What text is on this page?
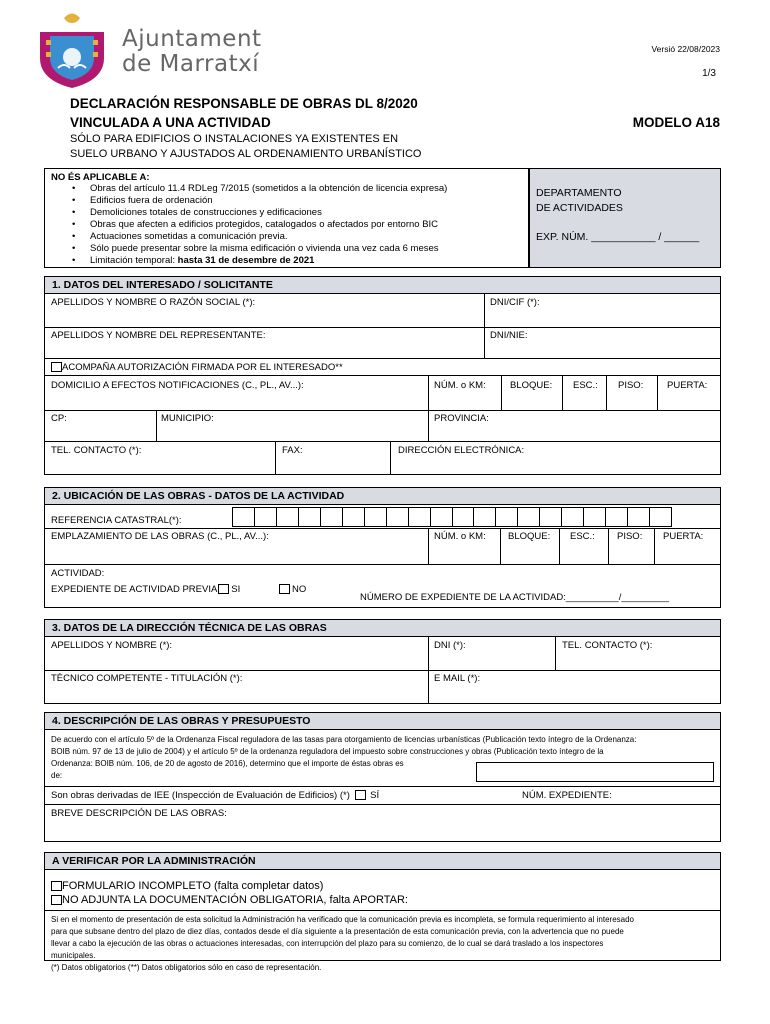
Ajuntament
de Marratxí
Versió 22/08/2023
1/3
DECLARACIÓN RESPONSABLE DE OBRAS DL 8/2020
VINCULADA A UNA ACTIVIDAD	MODELO A18
SÓLO PARA EDIFICIOS O INSTALACIONES YA EXISTENTES EN
SUELO URBANO Y AJUSTADOS AL ORDENAMIENTO URBANÍSTICO
NO ÉS APLICABLE A:
• Obras del artículo 11.4 RDLeg 7/2015 (sometidos a la obtención de licencia expresa)
• Edificios fuera de ordenación
• Demoliciones totales de construcciones y edificaciones
• Obras que afecten a edificios protegidos, catalogados o afectados por entorno BIC
• Actuaciones sometidas a comunicación previa.
• Sólo puede presentar sobre la misma edificación o vivienda una vez cada 6 meses
• Limitación temporal: hasta 31 de desembre de 2021
DEPARTAMENTO
DE ACTIVIDADES
EXP. NÚM. ___________ / ______
1. DATOS DEL INTERESADO / SOLICITANTE
APELLIDOS Y NOMBRE O RAZÓN SOCIAL (*):	DNI/CIF (*):
APELLIDOS Y NOMBRE DEL REPRESENTANTE:	DNI/NIE:
ACOMPAÑA AUTORIZACIÓN FIRMADA POR EL INTERESADO**
DOMICILIO A EFECTOS NOTIFICACIONES (C., PL., AV...):	NÚM. o KM:	BLOQUE: ESC.: PISO: PUERTA:
CP:	MUNICIPIO:	PROVINCIA:
TEL. CONTACTO (*):	FAX:	DIRECCIÓN ELECTRÓNICA:
2. UBICACIÓN DE LAS OBRAS - DATOS DE LA ACTIVIDAD
REFERENCIA CATASTRAL(*):
EMPLAZAMIENTO DE LAS OBRAS (C., PL., AV...):	NÚM. o KM: BLOQUE: ESC.: PISO: PUERTA:
ACTIVIDAD:
EXPEDIENTE DE ACTIVIDAD PREVIA SI	NO
NÚMERO DE EXPEDIENTE DE LA ACTIVIDAD:__________/_________
3. DATOS DE LA DIRECCIÓN TÉCNICA DE LAS OBRAS
APELLIDOS Y NOMBRE (*):	DNI (*):	TEL. CONTACTO (*):
TÈCNICO COMPETENTE - TITULACIÓN (*):	E MAIL (*):
4. DESCRIPCIÓN DE LAS OBRAS Y PRESUPUESTO
De acuerdo con el artículo 5º de la Ordenanza Fiscal reguladora de las tasas para otorgamiento de licencias urbanísticas (Publicación texto íntegro de la Ordenanza:
BOIB núm. 97 de 13 de julio de 2004) y el artículo 5º de la ordenanza reguladora del impuesto sobre construcciones y obras (Publicación texto íntegro de la
Ordenanza: BOIB núm. 106, de 20 de agosto de 2016), determino que el importe de éstas obras es
de:
Son obras derivadas de IEE (Inspección de Evaluación de Edificios) (*) SÍ	NÚM. EXPEDIENTE:
BREVE DESCRIPCIÓN DE LAS OBRAS:
A VERIFICAR POR LA ADMINISTRACIÓN
FORMULARIO INCOMPLETO (falta completar datos)
NO ADJUNTA LA DOCUMENTACIÓN OBLIGATORIA, falta APORTAR:
Si en el momento de presentación de esta solicitud la Administración ha verificado que la comunicación previa es incompleta, se formula requerimiento al interesado
para que subsane dentro del plazo de diez días, contados desde el día siguiente a la presentación de esta comunicación previa, con la advertencia que no puede
llevar a cabo la ejecución de las obras o actuaciones interesadas, con interrupción del plazo para su comienzo, de lo cual se dará traslado a los inspectores
municipales.
(*) Datos obligatorios (**) Datos obligatorios sólo en caso de representación.
